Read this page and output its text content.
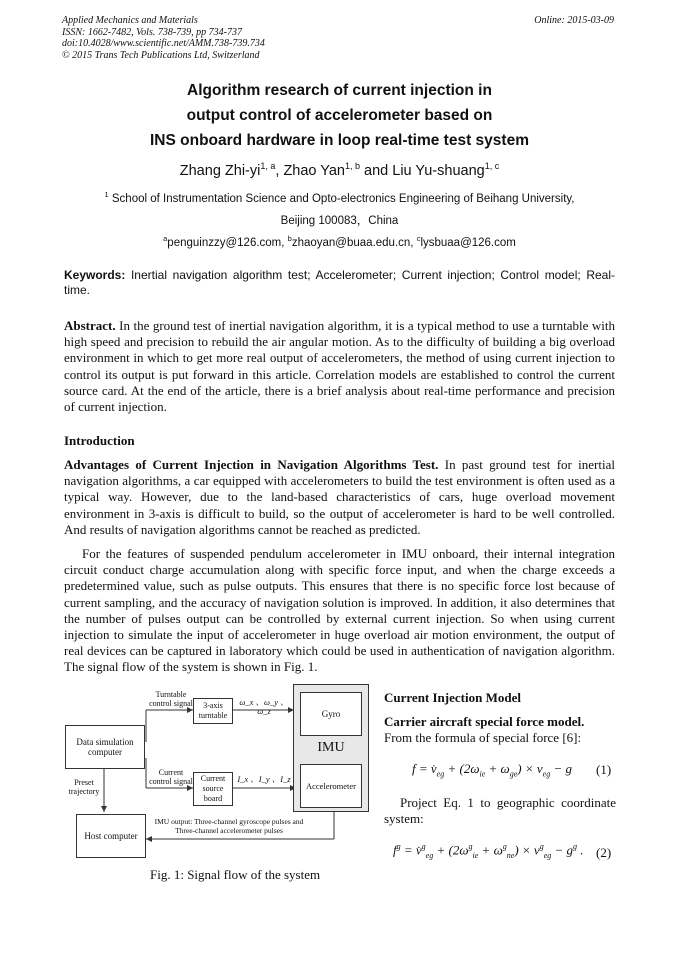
Applied Mechanics and Materials
ISSN: 1662-7482, Vols. 738-739, pp 734-737
doi:10.4028/www.scientific.net/AMM.738-739.734
© 2015 Trans Tech Publications Ltd, Switzerland
Online: 2015-03-09
Algorithm research of current injection in
output control of accelerometer based on
INS onboard hardware in loop real-time test system
Zhang Zhi-yi$^{1, a}$, Zhao Yan$^{1, b}$ and Liu Yu-shuang$^{1, c}$
$^1$ School of Instrumentation Science and Opto-electronics Engineering of Beihang University,
Beijing 100083，China
$^a$penguinzzy@126.com, $^b$zhaoyan@buaa.edu.cn, $^c$lysbuaa@126.com
Keywords: Inertial navigation algorithm test; Accelerometer; Current injection; Control model; Real-time.
Abstract. In the ground test of inertial navigation algorithm, it is a typical method to use a turntable with high speed and precision to rebuild the air angular motion. As to the difficulty of building a big overload environment in which to get more real output of accelerometers, the method of using current injection to control its output is put forward in this article. Correlation models are established to control the current source card. At the end of the article, there is a brief analysis about real-time performance and precision of current injection.
Introduction
Advantages of Current Injection in Navigation Algorithms Test. In past ground test for inertial navigation algorithms, a car equipped with accelerometers to build the test environment is often used as a typical way. However, due to the land-based characteristics of cars, huge overload movement environment in 3-axis is difficult to build, so the output of accelerometer is hard to be well controlled. And results of navigation algorithms cannot be reached as predicted.
For the features of suspended pendulum accelerometer in IMU onboard, their internal integration circuit conduct charge accumulation along with specific force input, and when the charge exceeds a predetermined value, such as pulse outputs. This ensures that there is no specific force lost because of current sampling, and the accuracy of navigation solution is improved. In addition, it also determines that the number of pulses output can be controlled by external current injection. So when using current injection to simulate the input of accelerometer in huge overload air motion environment, the output of real devices can be captured in laboratory which could be used in authentication of navigation algorithm. The signal flow of the system is shown in Fig. 1.
Data simulation computer
Host computer
3-axis turntable
Current source board
Gyro
IMU
Accelerometer
Turntable control signal
Current control signal
Preset trajectory
ω_x 、ω_y 、ω_z
I_x 、I_y 、I_z
IMU output: Three-channel gyroscope pulses and Three-channel accelerometer pulses
Fig. 1: Signal flow of the system
Current Injection Model
Carrier aircraft special force model.
From the formula of special force [6]:
$f = v̇_{eg} + (2\omega_{ie} + \omega_{ge}) \times v_{eg} - g$ (1)
Project Eq. 1 to geographic coordinate system:
$f^g$ = v̇$^g_{eg}$ + $(2\omega^g_{ie} + \omega^g_{ne}) \times v^g_{eg} - g^g$ . (2)
